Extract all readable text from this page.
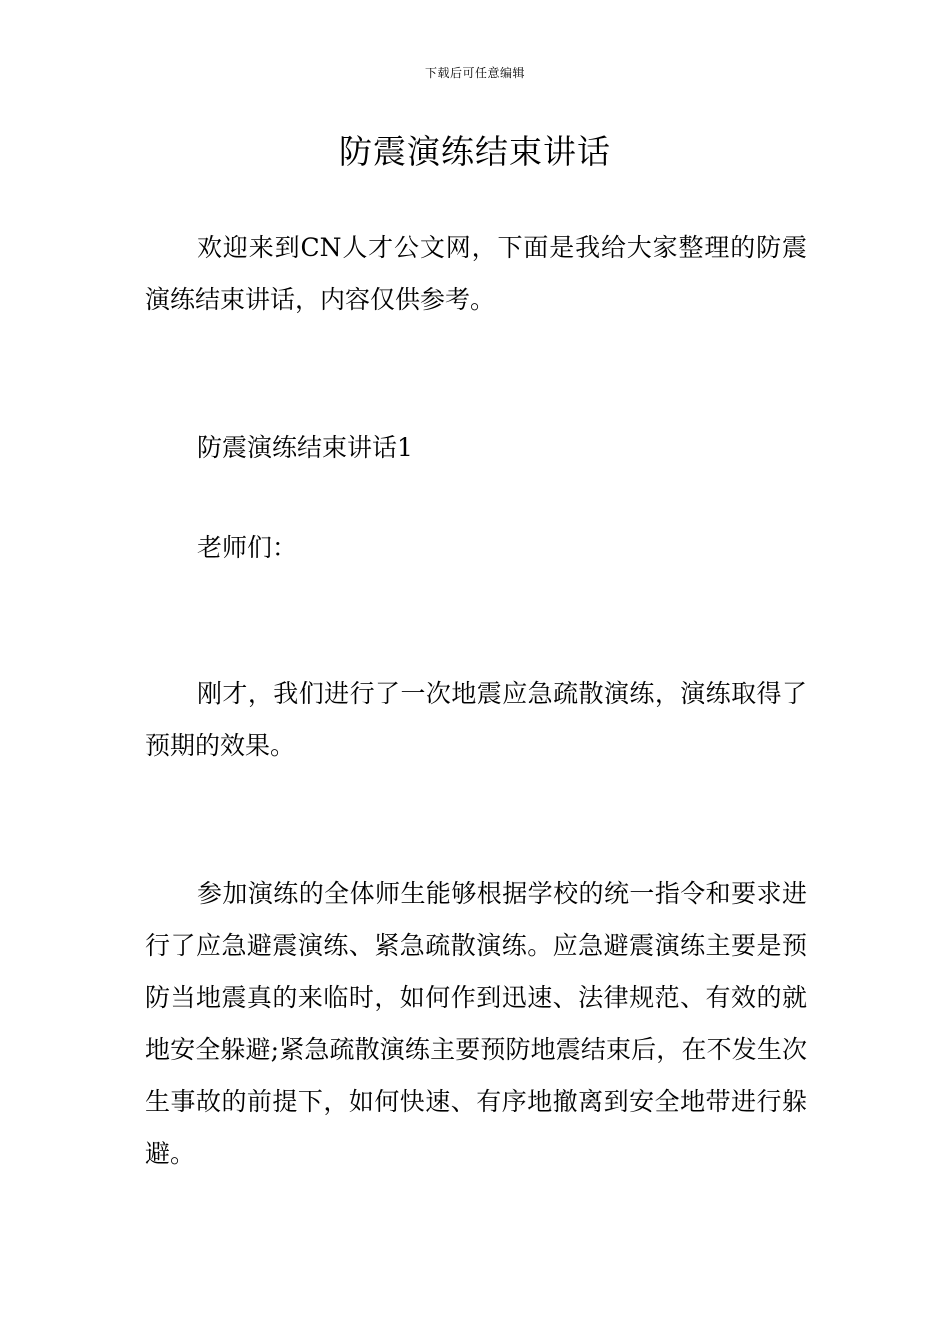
下载后可任意编辑
防震演练结束讲话

欢迎来到CN人才公文网，下面是我给大家整理的防震演练结束讲话，内容仅供参考。

防震演练结束讲话1

老师们：

刚才，我们进行了一次地震应急疏散演练，演练取得了预期的效果。

参加演练的全体师生能够根据学校的统一指令和要求进行了应急避震演练、紧急疏散演练。应急避震演练主要是预防当地震真的来临时，如何作到迅速、法律规范、有效的就地安全躲避;紧急疏散演练主要预防地震结束后，在不发生次生事故的前提下，如何快速、有序地撤离到安全地带进行躲避。
